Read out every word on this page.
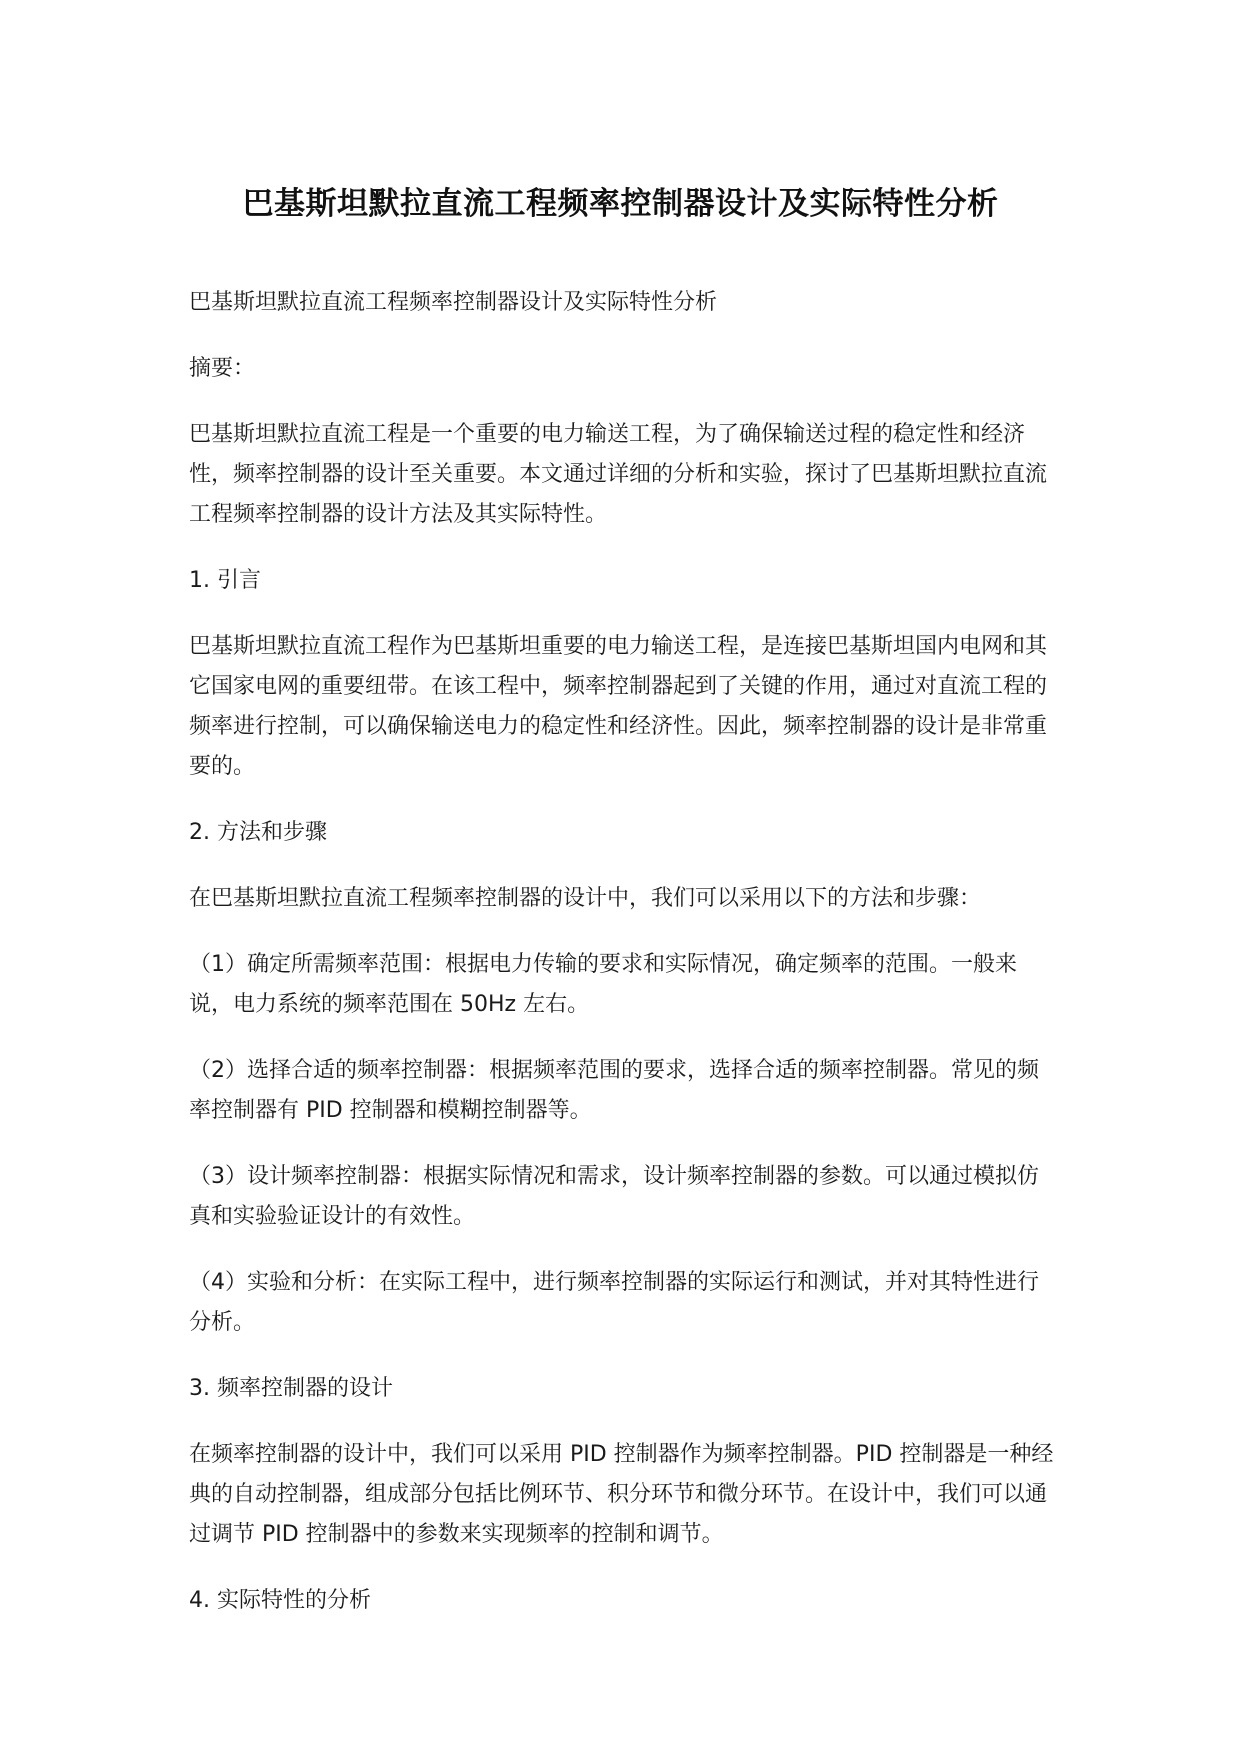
巴基斯坦默拉直流工程频率控制器设计及实际特性分析

巴基斯坦默拉直流工程频率控制器设计及实际特性分析

摘要：

巴基斯坦默拉直流工程是一个重要的电力输送工程，为了确保输送过程的稳定性和经济性，频率控制器的设计至关重要。本文通过详细的分析和实验，探讨了巴基斯坦默拉直流工程频率控制器的设计方法及其实际特性。

1. 引言

巴基斯坦默拉直流工程作为巴基斯坦重要的电力输送工程，是连接巴基斯坦国内电网和其它国家电网的重要纽带。在该工程中，频率控制器起到了关键的作用，通过对直流工程的频率进行控制，可以确保输送电力的稳定性和经济性。因此，频率控制器的设计是非常重要的。

2. 方法和步骤

在巴基斯坦默拉直流工程频率控制器的设计中，我们可以采用以下的方法和步骤：

（1）确定所需频率范围：根据电力传输的要求和实际情况，确定频率的范围。一般来说，电力系统的频率范围在 50Hz 左右。

（2）选择合适的频率控制器：根据频率范围的要求，选择合适的频率控制器。常见的频率控制器有 PID 控制器和模糊控制器等。

（3）设计频率控制器：根据实际情况和需求，设计频率控制器的参数。可以通过模拟仿真和实验验证设计的有效性。

（4）实验和分析：在实际工程中，进行频率控制器的实际运行和测试，并对其特性进行分析。

3. 频率控制器的设计

在频率控制器的设计中，我们可以采用 PID 控制器作为频率控制器。PID 控制器是一种经典的自动控制器，组成部分包括比例环节、积分环节和微分环节。在设计中，我们可以通过调节 PID 控制器中的参数来实现频率的控制和调节。

4. 实际特性的分析
